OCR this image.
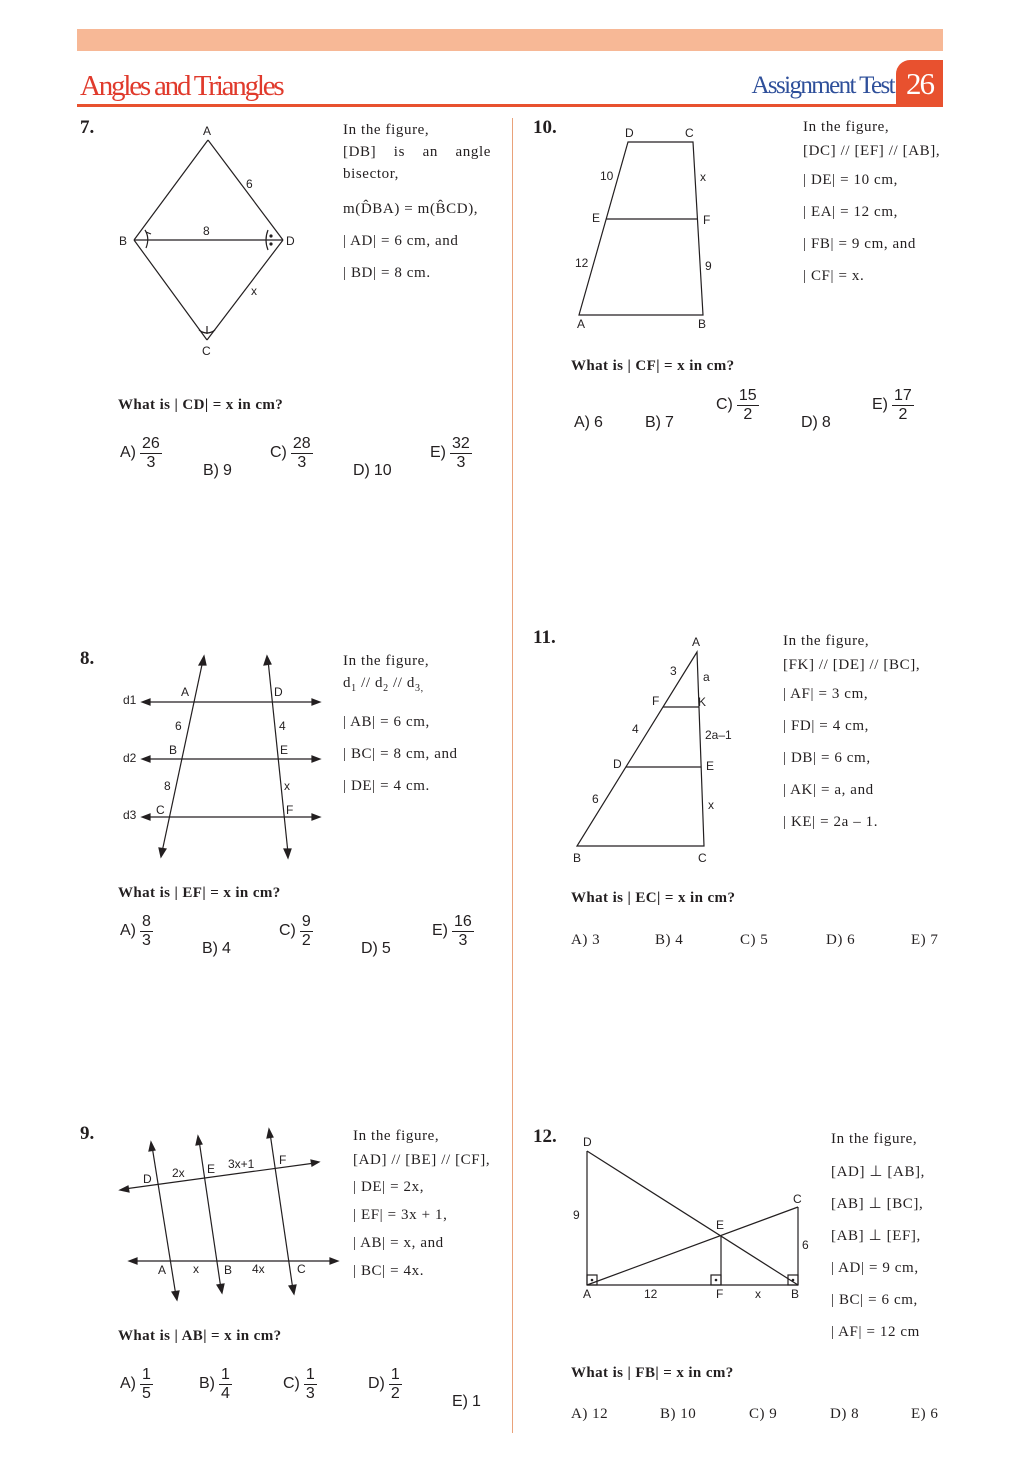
Angles and Triangles	Assignment Test 26
7.	A
B	D
C
6
8
x
In the figure,
[DB] is an angle
bisector,
m(D̂BA) = m(B̂CD),
| AD| = 6 cm, and
| BD| = 8 cm.
What is | CD| = x in cm?
$A) \frac{26}{3}$	B) 9
$C) \frac{28}{3}$	D) 10
$E) \frac{32}{3}$
8.
d1
d2
d3
A
B
C
D
E
F
6
8
4
x
In the figure,
$d_1 // d_2 // d_{3,}$
| AB| = 6 cm,
| BC| = 8 cm, and
| DE| = 4 cm.
What is | EF| = x in cm?
$A) \frac{8}{3}$	B) 4
$C) \frac{9}{2}$	D) 5
$E) \frac{16}{3}$
9.
D 2x E 3x+1 F
A x B 4x	C
In the figure,
[AD] // [BE] // [CF],
| DE| = 2x,
| EF| = 3x + 1,
| AB| = x, and
| BC| = 4x.
What is | AB| = x in cm?
$A) \frac{1}{5}$	$B) \frac{1}{4}$	$C) \frac{1}{3}$	$D) \frac{1}{2}$	E) 1
10.	D	C
10	x
E	F
12	9
A	B
In the figure,
[DC] // [EF] // [AB],
| DE| = 10 cm,
| EA| = 12 cm,
| FB| = 9 cm, and
| CF| = x.
What is | CF| = x in cm?
A) 6	B) 7
$C) \frac{15}{2}$	D) 8
$E) \frac{17}{2}$
11.	A
3 a
F	K
4	2a–1
D	E
6	x
B	C
In the figure,
[FK] // [DE] // [BC],
| AF| = 3 cm,
| FD| = 4 cm,
| DB| = 6 cm,
| AK| = a, and
| KE| = 2a – 1.
What is | EC| = x in cm?
A) 3	B) 4	C) 5	D) 6	E) 7
12. D
9
C
E
6
A	12	F	x	B
In the figure,
[AD] ⊥ [AB],
[AB] ⊥ [BC],
[AB] ⊥ [EF],
| AD| = 9 cm,
| BC| = 6 cm,
| AF| = 12 cm
What is | FB| = x in cm?
A) 12	B) 10	C) 9	D) 8	E) 6
